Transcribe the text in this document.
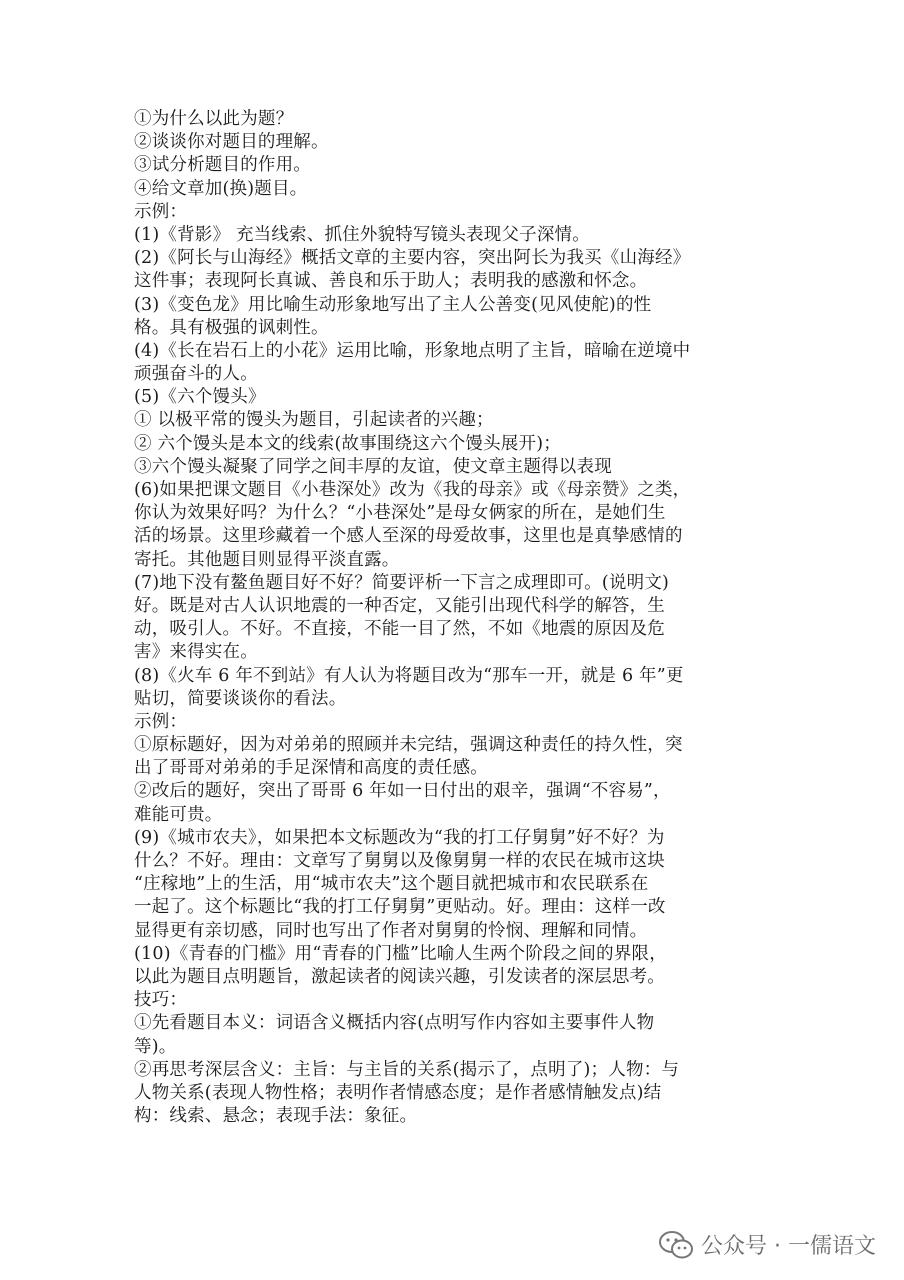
①为什么以此为题？
②谈谈你对题目的理解。
③试分析题目的作用。
④给文章加(换)题目。
示例：
(1)《背影》 充当线索、抓住外貌特写镜头表现父子深情。
(2)《阿长与山海经》概括文章的主要内容，突出阿长为我买《山海经》
这件事；表现阿长真诚、善良和乐于助人；表明我的感激和怀念。
(3)《变色龙》用比喻生动形象地写出了主人公善变(见风使舵)的性
格。具有极强的讽刺性。
(4)《长在岩石上的小花》运用比喻，形象地点明了主旨，暗喻在逆境中
顽强奋斗的人。
(5)《六个馒头》
① 以极平常的馒头为题目，引起读者的兴趣；
② 六个馒头是本文的线索(故事围绕这六个馒头展开)；
③六个馒头凝聚了同学之间丰厚的友谊，使文章主题得以表现
(6)如果把课文题目《小巷深处》改为《我的母亲》或《母亲赞》之类，
你认为效果好吗？为什么？“小巷深处”是母女俩家的所在，是她们生
活的场景。这里珍藏着一个感人至深的母爱故事，这里也是真挚感情的
寄托。其他题目则显得平淡直露。
(7)地下没有鳌鱼题目好不好？简要评析一下言之成理即可。(说明文)
好。既是对古人认识地震的一种否定，又能引出现代科学的解答，生
动，吸引人。不好。不直接，不能一目了然，不如《地震的原因及危
害》来得实在。
(8)《火车 6 年不到站》有人认为将题目改为“那车一开，就是 6 年”更
贴切，简要谈谈你的看法。
示例：
①原标题好，因为对弟弟的照顾并未完结，强调这种责任的持久性，突
出了哥哥对弟弟的手足深情和高度的责任感。
②改后的题好，突出了哥哥 6 年如一日付出的艰辛，强调“不容易”，
难能可贵。
(9)《城市农夫》，如果把本文标题改为“我的打工仔舅舅”好不好？为
什么？不好。理由：文章写了舅舅以及像舅舅一样的农民在城市这块
“庄稼地”上的生活，用“城市农夫”这个题目就把城市和农民联系在
一起了。这个标题比“我的打工仔舅舅”更贴动。好。理由：这样一改
显得更有亲切感，同时也写出了作者对舅舅的怜悯、理解和同情。
(10)《青春的门槛》用“青春的门槛”比喻人生两个阶段之间的界限，
以此为题目点明题旨，激起读者的阅读兴趣，引发读者的深层思考。
技巧：
①先看题目本义：词语含义概括内容(点明写作内容如主要事件人物
等)。
②再思考深层含义：主旨：与主旨的关系(揭示了，点明了)；人物：与
人物关系(表现人物性格；表明作者情感态度；是作者感情触发点)结
构：线索、悬念；表现手法：象征。
公众号 · 一儒语文
